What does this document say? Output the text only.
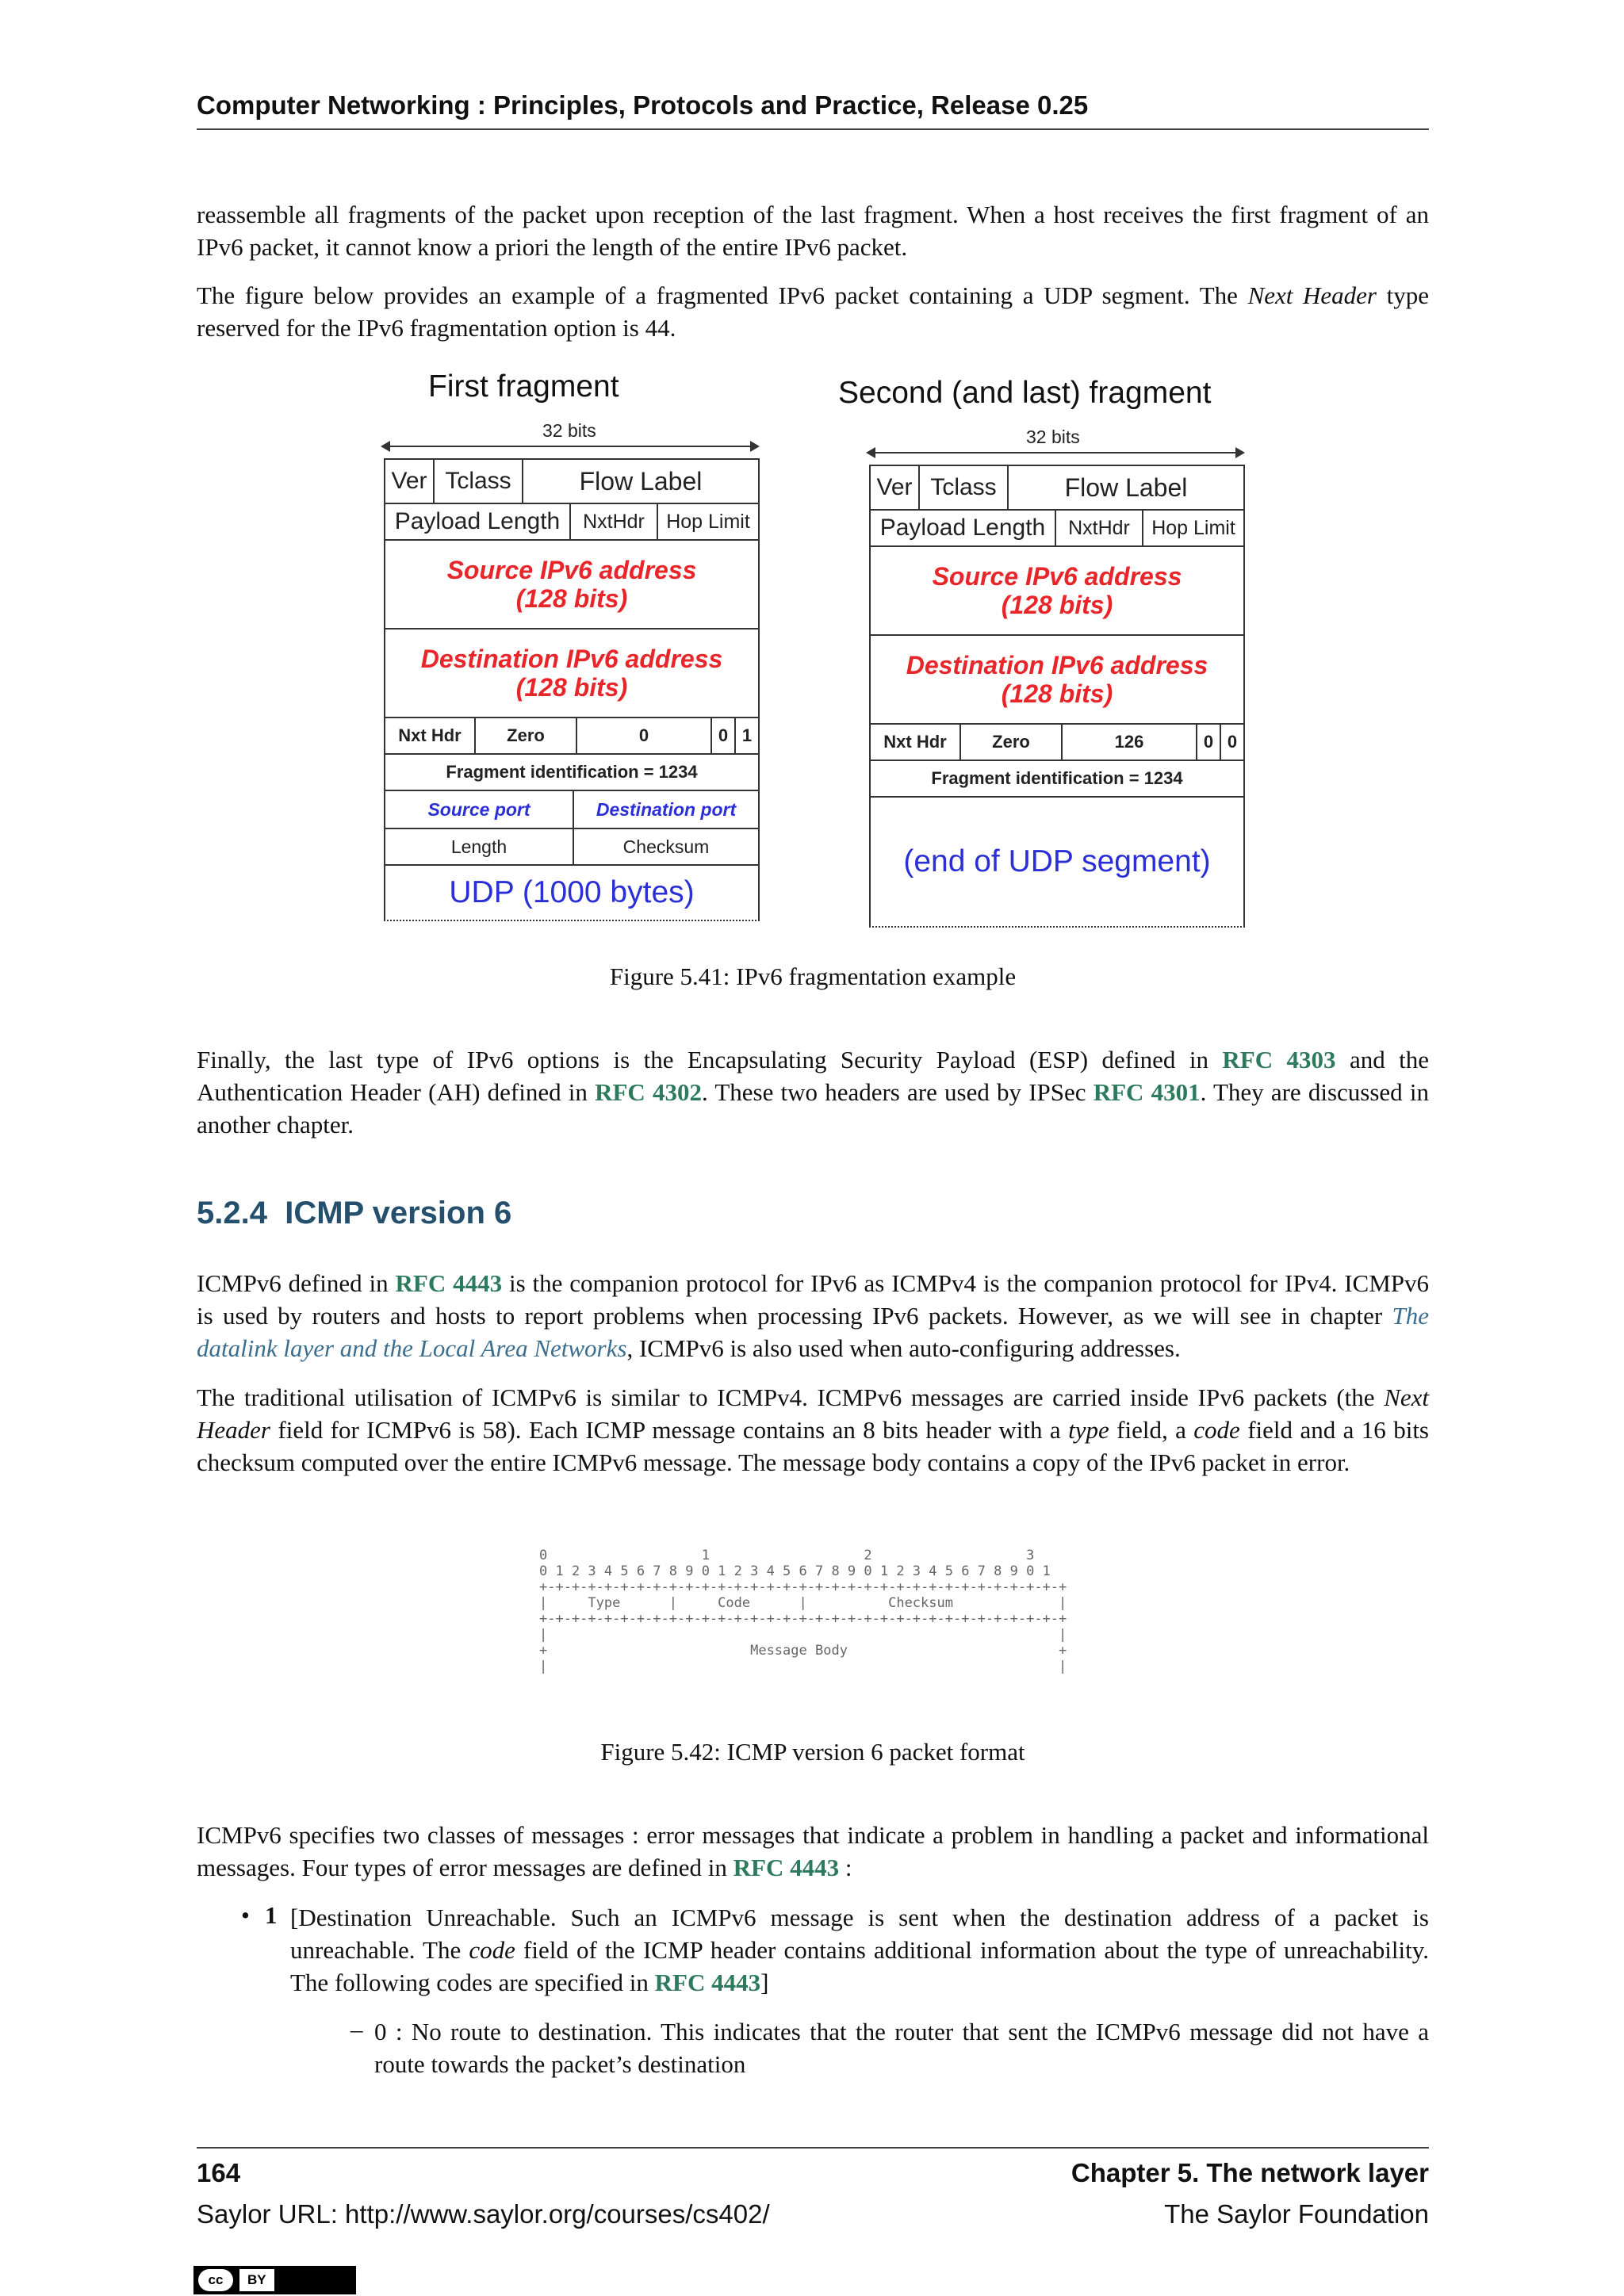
Computer Networking : Principles, Protocols and Practice, Release 0.25
reassemble all fragments of the packet upon reception of the last fragment. When a host receives the first fragment of an IPv6 packet, it cannot know a priori the length of the entire IPv6 packet.
The figure below provides an example of a fragmented IPv6 packet containing a UDP segment. The Next Header type reserved for the IPv6 fragmentation option is 44.
First fragment
32 bits
Ver Tclass	Flow Label
Payload Length	NxtHdr	Hop Limit
Source IPv6 address
(128 bits)
Destination IPv6 address
(128 bits)
Nxt Hdr	Zero	0	0 1
Fragment identification = 1234
Source port	Destination port
Length	Checksum
UDP (1000 bytes)
Second (and last) fragment
32 bits
Ver Tclass	Flow Label
Payload Length	NxtHdr	Hop Limit
Source IPv6 address
(128 bits)
Destination IPv6 address
(128 bits)
Nxt Hdr	Zero	126	0 0
Fragment identification = 1234
(end of UDP segment)
Figure 5.41: IPv6 fragmentation example
Finally, the last type of IPv6 options is the Encapsulating Security Payload (ESP) defined in RFC 4303 and the Authentication Header (AH) defined in RFC 4302. These two headers are used by IPSec RFC 4301. They are discussed in another chapter.
5.2.4 ICMP version 6
ICMPv6 defined in RFC 4443 is the companion protocol for IPv6 as ICMPv4 is the companion protocol for IPv4. ICMPv6 is used by routers and hosts to report problems when processing IPv6 packets. However, as we will see in chapter The datalink layer and the Local Area Networks, ICMPv6 is also used when auto-configuring addresses.
The traditional utilisation of ICMPv6 is similar to ICMPv4. ICMPv6 messages are carried inside IPv6 packets (the Next Header field for ICMPv6 is 58). Each ICMP message contains an 8 bits header with a type field, a code field and a 16 bits checksum computed over the entire ICMPv6 message. The message body contains a copy of the IPv6 packet in error.
0                   1                   2                   3
0 1 2 3 4 5 6 7 8 9 0 1 2 3 4 5 6 7 8 9 0 1 2 3 4 5 6 7 8 9 0 1
+-+-+-+-+-+-+-+-+-+-+-+-+-+-+-+-+-+-+-+-+-+-+-+-+-+-+-+-+-+-+-+-+
|     Type      |     Code      |          Checksum             |
+-+-+-+-+-+-+-+-+-+-+-+-+-+-+-+-+-+-+-+-+-+-+-+-+-+-+-+-+-+-+-+-+
|                                                               |
+                         Message Body                          +
|                                                               |
Figure 5.42: ICMP version 6 packet format
ICMPv6 specifies two classes of messages : error messages that indicate a problem in handling a packet and informational messages. Four types of error messages are defined in RFC 4443 :
• 1 [Destination Unreachable. Such an ICMPv6 message is sent when the destination address of a packet is unreachable. The code field of the ICMP header contains additional information about the type of unreachability. The following codes are specified in RFC 4443]
– 0 : No route to destination. This indicates that the router that sent the ICMPv6 message did not have a route towards the packet’s destination
164	Chapter 5. The network layer
Saylor URL: http://www.saylor.org/courses/cs402/	The Saylor Foundation
cc	BY
